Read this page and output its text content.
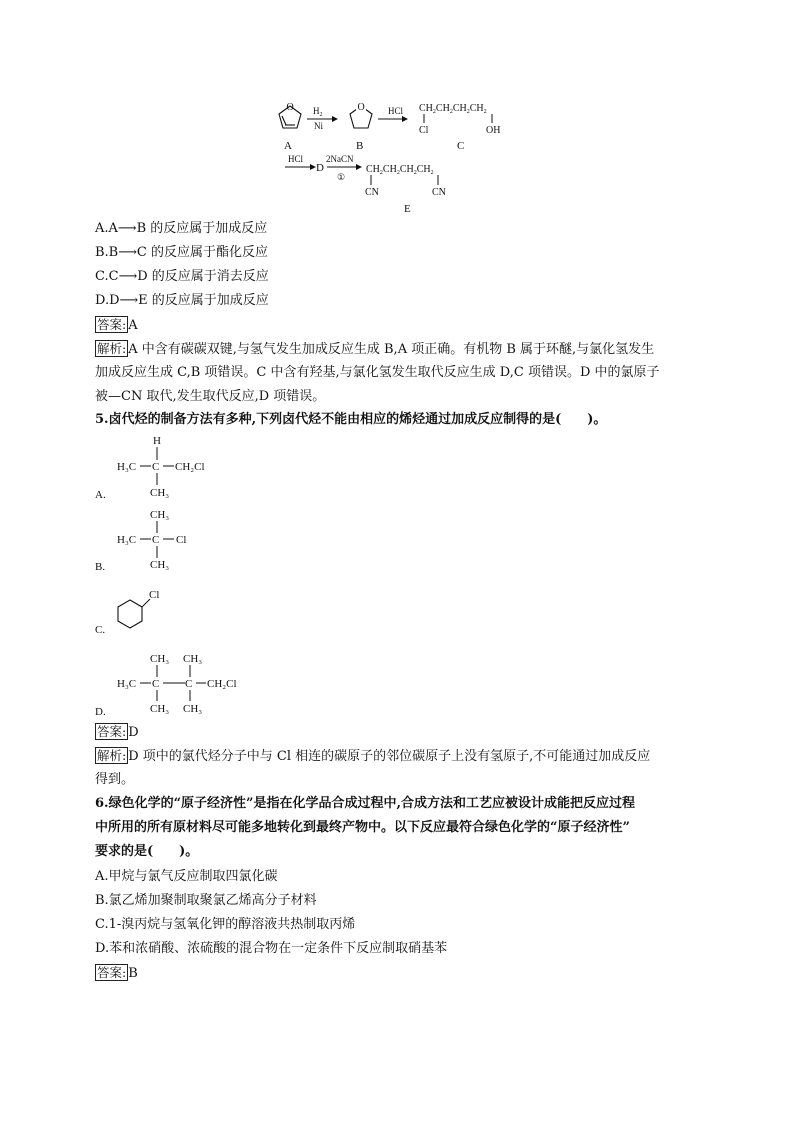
O
A
$H_2$
Ni
O
B
HCl $CH_2CH_2CH_2CH_2$
Cl	OH
C
HCl
D
2NaCN
①
$CH_2CH_2CH_2CH_2$
CN	CN
E
A.A⟶B 的反应属于加成反应
B.B⟶C 的反应属于酯化反应
C.C⟶D 的反应属于消去反应
D.D⟶E 的反应属于加成反应
答案: A
解析: A 中含有碳碳双键,与氢气发生加成反应生成 B,A 项正确。有机物 B 属于环醚,与氯化氢发生
加成反应生成 C,B 项错误。C 中含有羟基,与氯化氢发生取代反应生成 D,C 项错误。D 中的氯原子
被—CN 取代,发生取代反应,D 项错误。
5.卤代烃的制备方法有多种,下列卤代烃不能由相应的烯烃通过加成反应制得的是(　　)。
A.
H
H₃C C CH₂Cl
CH₃
B.
CH₃
H₃C C Cl
CH₃
C.
Cl
D.
CH₃ CH₃
H₃C C C CH₂Cl
CH₃ CH₃
答案: D
解析: D 项中的氯代烃分子中与 Cl 相连的碳原子的邻位碳原子上没有氢原子,不可能通过加成反应
得到。
6.绿色化学的“原子经济性”是指在化学品合成过程中,合成方法和工艺应被设计成能把反应过程
中所用的所有原材料尽可能多地转化到最终产物中。以下反应最符合绿色化学的“原子经济性”
要求的是(　　)。
A.甲烷与氯气反应制取四氯化碳
B.氯乙烯加聚制取聚氯乙烯高分子材料
C.1-溴丙烷与氢氧化钾的醇溶液共热制取丙烯
D.苯和浓硝酸、浓硫酸的混合物在一定条件下反应制取硝基苯
答案: B
